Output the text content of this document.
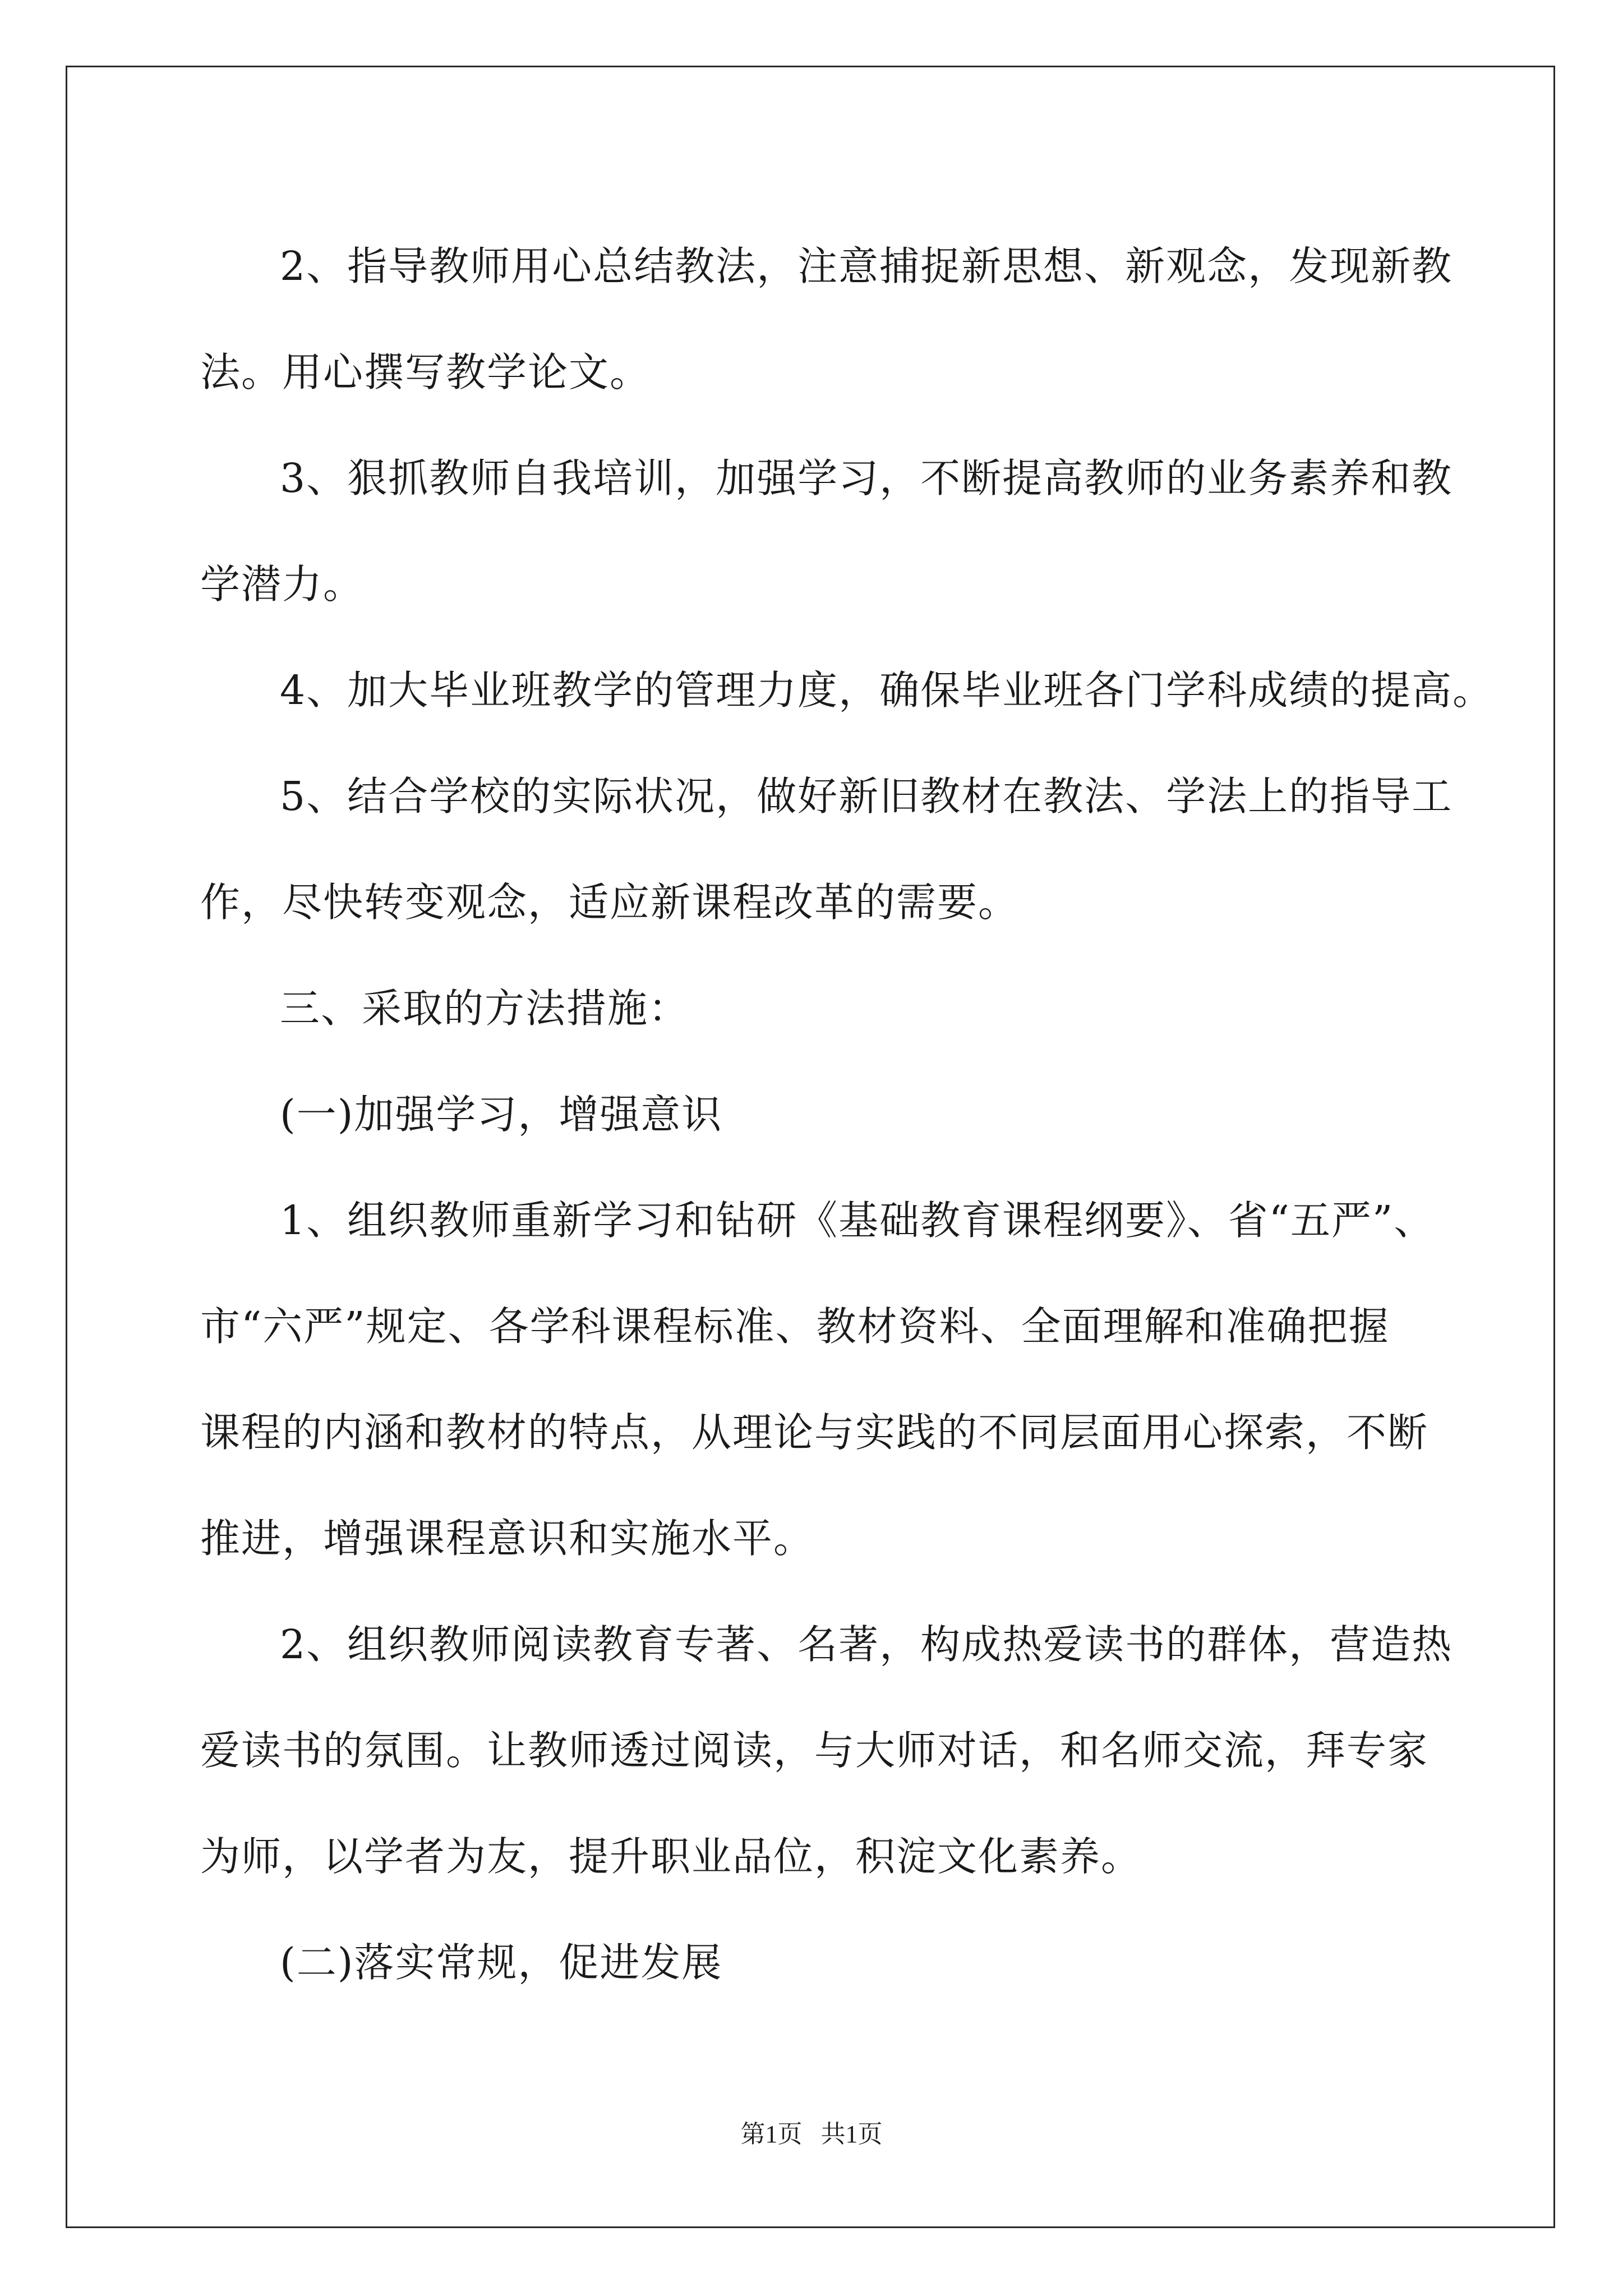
2、指导教师用心总结教法，注意捕捉新思想、新观念，发现新教

法。用心撰写教学论文。

3、狠抓教师自我培训，加强学习，不断提高教师的业务素养和教

学潜力。

4、加大毕业班教学的管理力度，确保毕业班各门学科成绩的提高。

5、结合学校的实际状况，做好新旧教材在教法、学法上的指导工

作，尽快转变观念，适应新课程改革的需要。

三、采取的方法措施：

(一)加强学习，增强意识

1、组织教师重新学习和钻研《基础教育课程纲要》、省“五严”、

市“六严”规定、各学科课程标准、教材资料、全面理解和准确把握

课程的内涵和教材的特点，从理论与实践的不同层面用心探索，不断

推进，增强课程意识和实施水平。

2、组织教师阅读教育专著、名著，构成热爱读书的群体，营造热

爱读书的氛围。让教师透过阅读，与大师对话，和名师交流，拜专家

为师，以学者为友，提升职业品位，积淀文化素养。

(二)落实常规，促进发展

第1页   共1页
